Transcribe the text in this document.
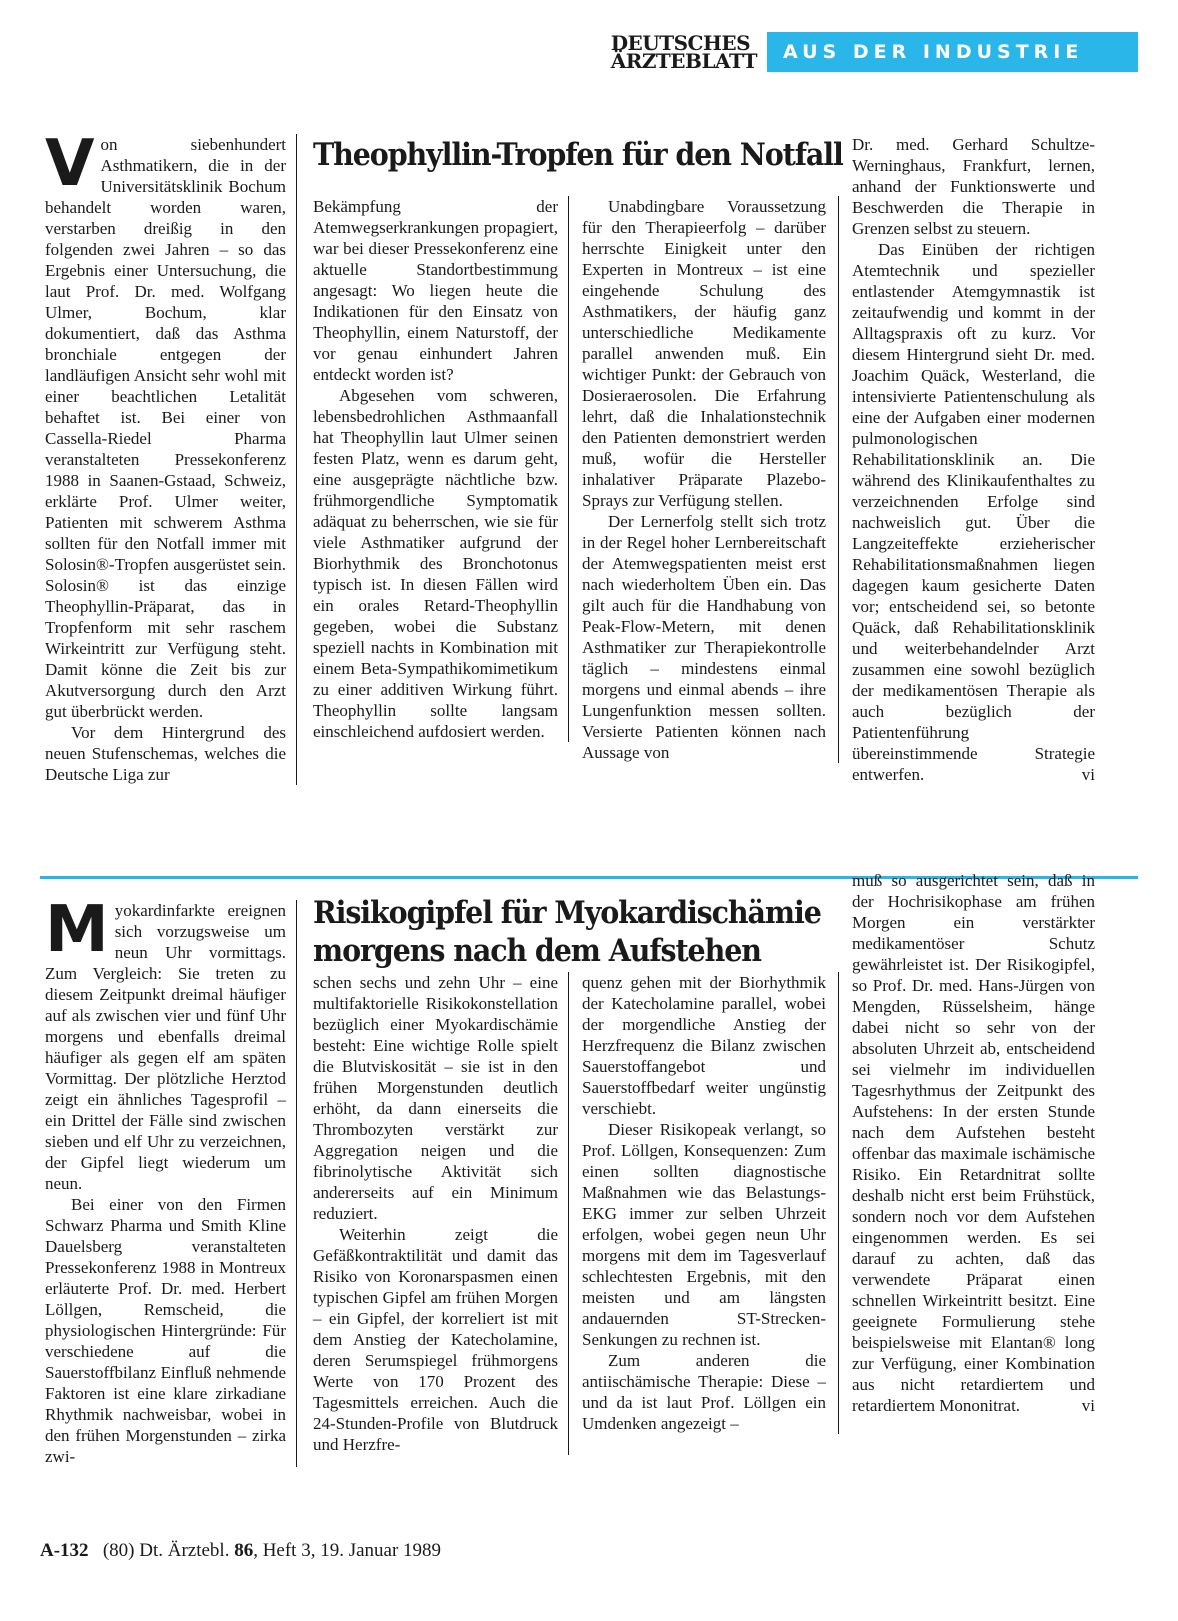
DEUTSCHES
ÄRZTEBLATT	AUS DER INDUSTRIE

Von siebenhundert Asthmatikern, die in der Universitätsklinik Bochum behandelt worden waren, verstarben dreißig in den folgenden zwei Jahren – so das Ergebnis einer Untersuchung, die laut Prof. Dr. med. Wolfgang Ulmer, Bochum, klar dokumentiert, daß das Asthma bronchiale entgegen der landläufigen Ansicht sehr wohl mit einer beachtlichen Letalität behaftet ist. Bei einer von Cassella-Riedel Pharma veranstalteten Pressekonferenz 1988 in Saanen-Gstaad, Schweiz, erklärte Prof. Ulmer weiter, Patienten mit schwerem Asthma sollten für den Notfall immer mit Solosin®-Tropfen ausgerüstet sein. Solosin® ist das einzige Theophyllin-Präparat, das in Tropfenform mit sehr raschem Wirkeintritt zur Verfügung steht. Damit könne die Zeit bis zur Akutversorgung durch den Arzt gut überbrückt werden.

Vor dem Hintergrund des neuen Stufenschemas, welches die Deutsche Liga zur

Theophyllin-Tropfen für den Notfall

Bekämpfung der Atemwegserkrankungen propagiert, war bei dieser Pressekonferenz eine aktuelle Standortbestimmung angesagt: Wo liegen heute die Indikationen für den Einsatz von Theophyllin, einem Naturstoff, der vor genau einhundert Jahren entdeckt worden ist?

Abgesehen vom schweren, lebensbedrohlichen Asthmaanfall hat Theophyllin laut Ulmer seinen festen Platz, wenn es darum geht, eine ausgeprägte nächtliche bzw. frühmorgendliche Symptomatik adäquat zu beherrschen, wie sie für viele Asthmatiker aufgrund der Biorhythmik des Bronchotonus typisch ist. In diesen Fällen wird ein orales Retard-Theophyllin gegeben, wobei die Substanz speziell nachts in Kombination mit einem Beta-Sympathikomimetikum zu einer additiven Wirkung führt. Theophyllin sollte langsam einschleichend aufdosiert werden.

Unabdingbare Voraussetzung für den Therapieerfolg – darüber herrschte Einigkeit unter den Experten in Montreux – ist eine eingehende Schulung des Asthmatikers, der häufig ganz unterschiedliche Medikamente parallel anwenden muß. Ein wichtiger Punkt: der Gebrauch von Dosieraerosolen. Die Erfahrung lehrt, daß die Inhalationstechnik den Patienten demonstriert werden muß, wofür die Hersteller inhalativer Präparate Plazebo-Sprays zur Verfügung stellen.

Der Lernerfolg stellt sich trotz in der Regel hoher Lernbereitschaft der Atemwegspatienten meist erst nach wiederholtem Üben ein. Das gilt auch für die Handhabung von Peak-Flow-Metern, mit denen Asthmatiker zur Therapiekontrolle täglich – mindestens einmal morgens und einmal abends – ihre Lungenfunktion messen sollten. Versierte Patienten können nach Aussage von

Dr. med. Gerhard Schultze-Werninghaus, Frankfurt, lernen, anhand der Funktionswerte und Beschwerden die Therapie in Grenzen selbst zu steuern.

Das Einüben der richtigen Atemtechnik und spezieller entlastender Atemgymnastik ist zeitaufwendig und kommt in der Alltagspraxis oft zu kurz. Vor diesem Hintergrund sieht Dr. med. Joachim Quäck, Westerland, die intensivierte Patientenschulung als eine der Aufgaben einer modernen pulmonologischen Rehabilitationsklinik an. Die während des Klinikaufenthaltes zu verzeichnenden Erfolge sind nachweislich gut. Über die Langzeiteffekte erzieherischer Rehabilitationsmaßnahmen liegen dagegen kaum gesicherte Daten vor; entscheidend sei, so betonte Quäck, daß Rehabilitationsklinik und weiterbehandelnder Arzt zusammen eine sowohl bezüglich der medikamentösen Therapie als auch bezüglich der Patientenführung übereinstimmende Strategie entwerfen.	vi

Myokardinfarkte ereignen sich vorzugsweise um neun Uhr vormittags. Zum Vergleich: Sie treten zu diesem Zeitpunkt dreimal häufiger auf als zwischen vier und fünf Uhr morgens und ebenfalls dreimal häufiger als gegen elf am späten Vormittag. Der plötzliche Herztod zeigt ein ähnliches Tagesprofil – ein Drittel der Fälle sind zwischen sieben und elf Uhr zu verzeichnen, der Gipfel liegt wiederum um neun.

Bei einer von den Firmen Schwarz Pharma und Smith Kline Dauelsberg veranstalteten Pressekonferenz 1988 in Montreux erläuterte Prof. Dr. med. Herbert Löllgen, Remscheid, die physiologischen Hintergründe: Für verschiedene auf die Sauerstoffbilanz Einfluß nehmende Faktoren ist eine klare zirkadiane Rhythmik nachweisbar, wobei in den frühen Morgenstunden – zirka zwi-

Risikogipfel für Myokardischämie
morgens nach dem Aufstehen

schen sechs und zehn Uhr – eine multifaktorielle Risikokonstellation bezüglich einer Myokardischämie besteht: Eine wichtige Rolle spielt die Blutviskosität – sie ist in den frühen Morgenstunden deutlich erhöht, da dann einerseits die Thrombozyten verstärkt zur Aggregation neigen und die fibrinolytische Aktivität sich andererseits auf ein Minimum reduziert.

Weiterhin zeigt die Gefäßkontraktilität und damit das Risiko von Koronarspasmen einen typischen Gipfel am frühen Morgen – ein Gipfel, der korreliert ist mit dem Anstieg der Katecholamine, deren Serumspiegel frühmorgens Werte von 170 Prozent des Tagesmittels erreichen. Auch die 24-Stunden-Profile von Blutdruck und Herzfre-

quenz gehen mit der Biorhythmik der Katecholamine parallel, wobei der morgendliche Anstieg der Herzfrequenz die Bilanz zwischen Sauerstoffangebot und Sauerstoffbedarf weiter ungünstig verschiebt.

Dieser Risikopeak verlangt, so Prof. Löllgen, Konsequenzen: Zum einen sollten diagnostische Maßnahmen wie das Belastungs-EKG immer zur selben Uhrzeit erfolgen, wobei gegen neun Uhr morgens mit dem im Tagesverlauf schlechtesten Ergebnis, mit den meisten und am längsten andauernden ST-Strecken-Senkungen zu rechnen ist.

Zum anderen die antiischämische Therapie: Diese – und da ist laut Prof. Löllgen ein Umdenken angezeigt –

muß so ausgerichtet sein, daß in der Hochrisikophase am frühen Morgen ein verstärkter medikamentöser Schutz gewährleistet ist. Der Risikogipfel, so Prof. Dr. med. Hans-Jürgen von Mengden, Rüsselsheim, hänge dabei nicht so sehr von der absoluten Uhrzeit ab, entscheidend sei vielmehr im individuellen Tagesrhythmus der Zeitpunkt des Aufstehens: In der ersten Stunde nach dem Aufstehen besteht offenbar das maximale ischämische Risiko. Ein Retardnitrat sollte deshalb nicht erst beim Frühstück, sondern noch vor dem Aufstehen eingenommen werden. Es sei darauf zu achten, daß das verwendete Präparat einen schnellen Wirkeintritt besitzt. Eine geeignete Formulierung stehe beispielsweise mit Elantan® long zur Verfügung, einer Kombination aus nicht retardiertem und retardiertem Mononitrat.	vi

A-132 (80) Dt. Ärztebl. 86, Heft 3, 19. Januar 1989
